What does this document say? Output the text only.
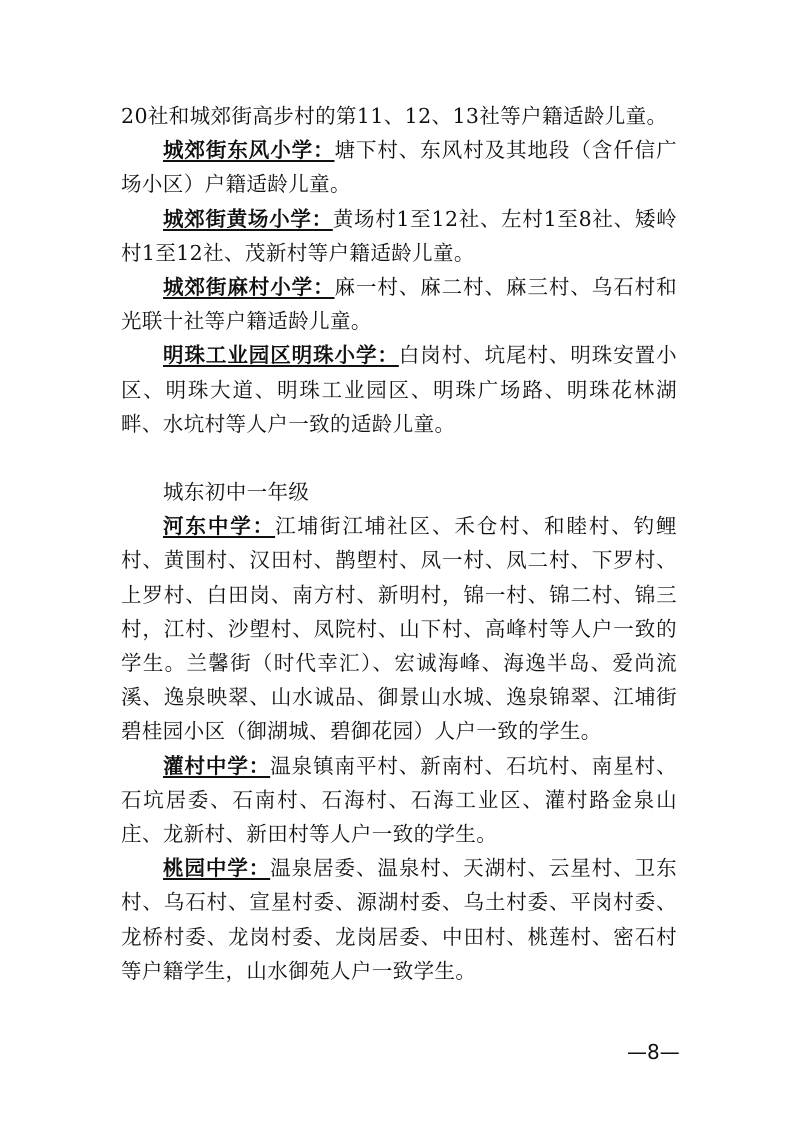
20社和城郊街高步村的第11、12、13社等户籍适龄儿童。

城郊街东风小学：塘下村、东风村及其地段（含仟信广场小区）户籍适龄儿童。

城郊街黄场小学：黄场村1至12社、左村1至8社、矮岭村1至12社、茂新村等户籍适龄儿童。

城郊街麻村小学：麻一村、麻二村、麻三村、乌石村和光联十社等户籍适龄儿童。

明珠工业园区明珠小学：白岗村、坑尾村、明珠安置小区、明珠大道、明珠工业园区、明珠广场路、明珠花林湖畔、水坑村等人户一致的适龄儿童。

城东初中一年级

河东中学：江埔街江埔社区、禾仓村、和睦村、钓鲤村、黄围村、汉田村、鹊塱村、凤一村、凤二村、下罗村、上罗村、白田岗、南方村、新明村，锦一村、锦二村、锦三村，江村、沙塱村、凤院村、山下村、高峰村等人户一致的学生。兰馨街（时代幸汇）、宏诚海峰、海逸半岛、爱尚流溪、逸泉映翠、山水诚品、御景山水城、逸泉锦翠、江埔街碧桂园小区（御湖城、碧御花园）人户一致的学生。

灌村中学：温泉镇南平村、新南村、石坑村、南星村、石坑居委、石南村、石海村、石海工业区、灌村路金泉山庄、龙新村、新田村等人户一致的学生。

桃园中学：温泉居委、温泉村、天湖村、云星村、卫东村、乌石村、宣星村委、源湖村委、乌土村委、平岗村委、龙桥村委、龙岗村委、龙岗居委、中田村、桃莲村、密石村等户籍学生，山水御苑人户一致学生。

—8—
